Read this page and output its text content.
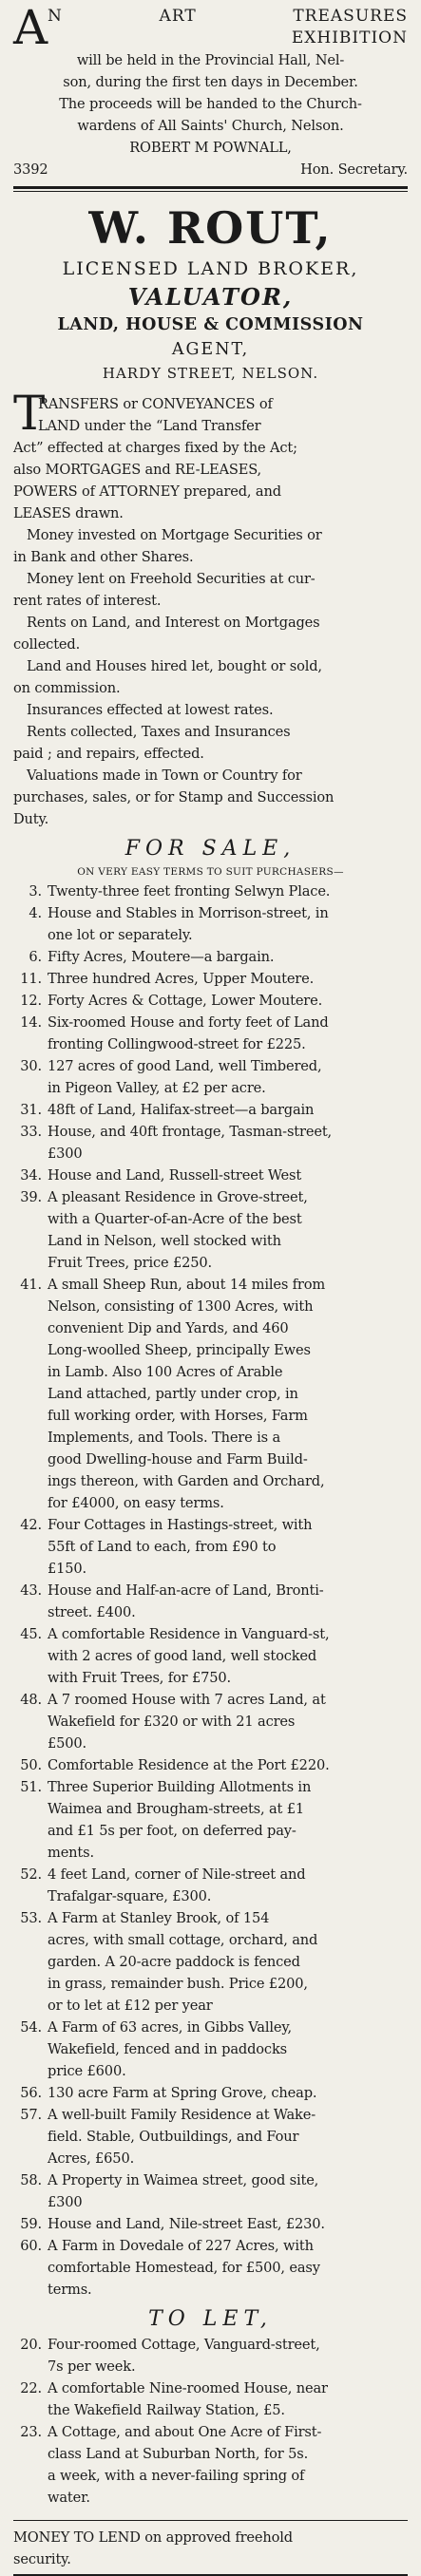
A N ART TREASURES
EXHIBITION

will be held in the Provincial Hall, Nel-

son, during the first ten days in December.

The proceeds will be handed to the Church-

wardens of All Saints' Church, Nelson.

ROBERT M POWNALL,
3392	Hon. Secretary.
W. ROUT,
LICENSED LAND BROKER,
VALUATOR,
LAND, HOUSE & COMMISSION
AGENT,
HARDY STREET, NELSON.
T

RANSFERS or CONVEYANCES of

LAND under the “Land Transfer

Act” effected at charges fixed by the Act;

also MORTGAGES and RE-LEASES,

POWERS of ATTORNEY prepared, and

LEASES drawn.

Money invested on Mortgage Securities or

in Bank and other Shares.

Money lent on Freehold Securities at cur-

rent rates of interest.

Rents on Land, and Interest on Mortgages

collected.

Land and Houses hired let, bought or sold,

on commission.

Insurances effected at lowest rates.

Rents collected, Taxes and Insurances

paid ; and repairs, effected.

Valuations made in Town or Country for

purchases, sales, or for Stamp and Succession

Duty.

FOR SALE,
ON VERY EASY TERMS TO SUIT PURCHASERS—
3. Twenty-three feet fronting Selwyn Place.
4. House and Stables in Morrison-street, in
one lot or separately.
6. Fifty Acres, Moutere—a bargain.
11. Three hundred Acres, Upper Moutere.
12. Forty Acres & Cottage, Lower Moutere.
14. Six-roomed House and forty feet of Land
fronting Collingwood-street for £225.
30. 127 acres of good Land, well Timbered,
in Pigeon Valley, at £2 per acre.
31. 48ft of Land, Halifax-street—a bargain
33. House, and 40ft frontage, Tasman-street,
£300
34. House and Land, Russell-street West
39. A pleasant Residence in Grove-street,
with a Quarter-of-an-Acre of the best
Land in Nelson, well stocked with
Fruit Trees, price £250.
41. A small Sheep Run, about 14 miles from
Nelson, consisting of 1300 Acres, with
convenient Dip and Yards, and 460
Long-woolled Sheep, principally Ewes
in Lamb. Also 100 Acres of Arable
Land attached, partly under crop, in
full working order, with Horses, Farm
Implements, and Tools. There is a
good Dwelling-house and Farm Build-
ings thereon, with Garden and Orchard,
for £4000, on easy terms.
42. Four Cottages in Hastings-street, with
55ft of Land to each, from £90 to
£150.
43. House and Half-an-acre of Land, Bronti-
street. £400.
45. A comfortable Residence in Vanguard-st,
with 2 acres of good land, well stocked
with Fruit Trees, for £750.
48. A 7 roomed House with 7 acres Land, at
Wakefield for £320 or with 21 acres
£500.
50. Comfortable Residence at the Port £220.
51. Three Superior Building Allotments in
Waimea and Brougham-streets, at £1
and £1 5s per foot, on deferred pay-
ments.
52. 4 feet Land, corner of Nile-street and
Trafalgar-square, £300.
53. A Farm at Stanley Brook, of 154
acres, with small cottage, orchard, and
garden. A 20-acre paddock is fenced
in grass, remainder bush. Price £200,
or to let at £12 per year
54. A Farm of 63 acres, in Gibbs Valley,
Wakefield, fenced and in paddocks
price £600.
56. 130 acre Farm at Spring Grove, cheap.
57. A well-built Family Residence at Wake-
field. Stable, Outbuildings, and Four
Acres, £650.
58. A Property in Waimea street, good site,
£300
59. House and Land, Nile-street East, £230.
60. A Farm in Dovedale of 227 Acres, with
comfortable Homestead, for £500, easy
terms.
TO LET,
20. Four-roomed Cottage, Vanguard-street,
7s per week.
22. A comfortable Nine-roomed House, near
the Wakefield Railway Station, £5.
23. A Cottage, and about One Acre of First-
class Land at Suburban North, for 5s.
a week, with a never-failing spring of
water.
MONEY TO LEND on approved freehold
security.
